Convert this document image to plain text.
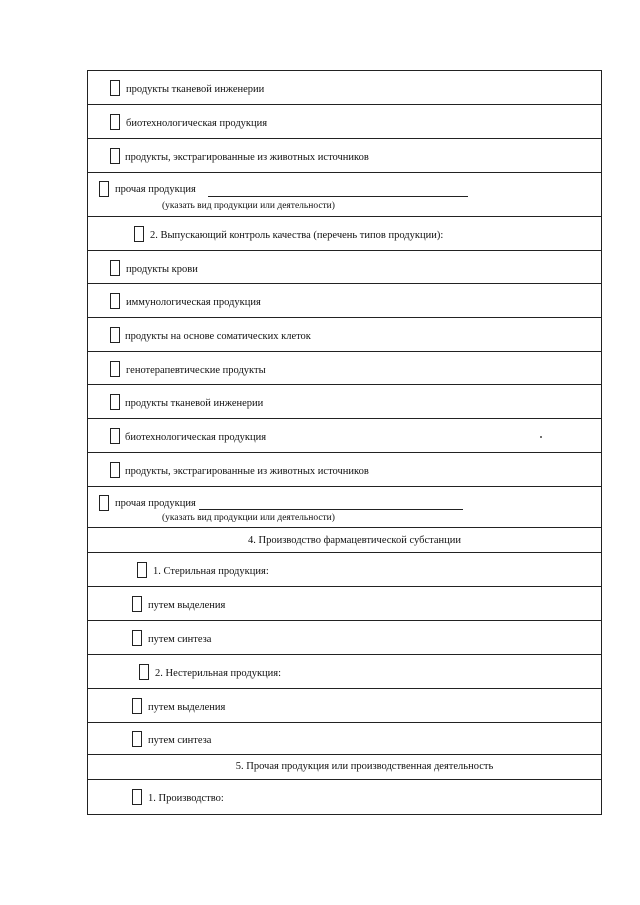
продукты тканевой инженерии
биотехнологическая продукция
продукты, экстрагированные из животных источников
прочая продукция
(указать вид продукции или деятельности)
2. Выпускающий контроль качества (перечень типов продукции):
продукты крови
иммунологическая продукция
продукты на основе соматических клеток
генотерапевтические продукты
продукты тканевой инженерии
биотехнологическая продукция
продукты, экстрагированные из животных источников
прочая продукция
(указать вид продукции или деятельности)
4. Производство фармацевтической субстанции
1. Стерильная продукция:
путем выделения
путем синтеза
2. Нестерильная продукция:
путем выделения
путем синтеза
5. Прочая продукция или производственная деятельность
1. Производство:
